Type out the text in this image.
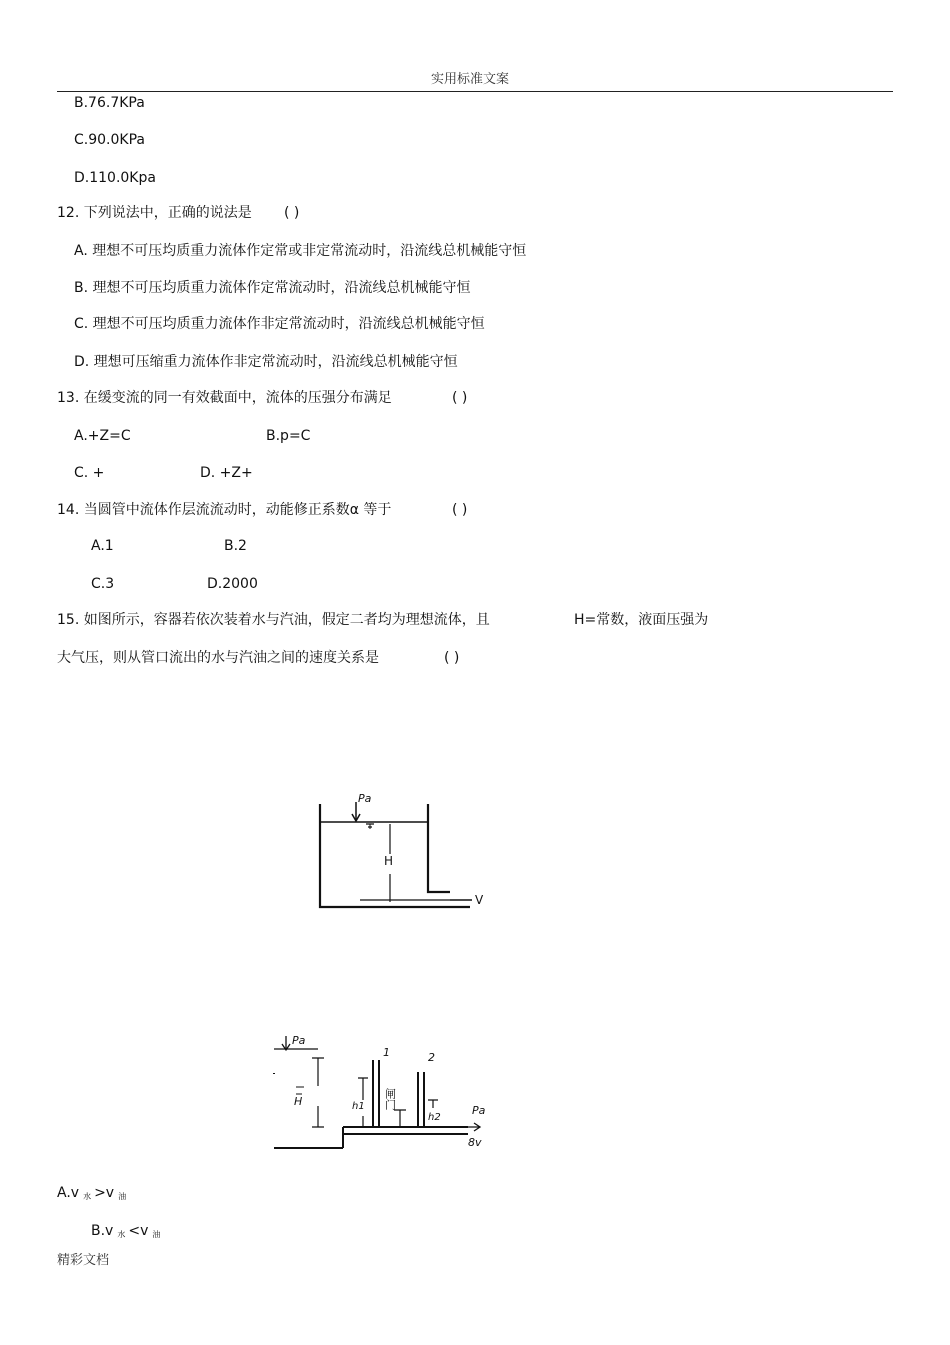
实用标准文案
B.76.7KPa
C.90.0KPa
D.110.0Kpa
12. 下列说法中，正确的说法是 ( )
A. 理想不可压均质重力流体作定常或非定常流动时，沿流线总机械能守恒
B. 理想不可压均质重力流体作定常流动时，沿流线总机械能守恒
C. 理想不可压均质重力流体作非定常流动时，沿流线总机械能守恒
D. 理想可压缩重力流体作非定常流动时，沿流线总机械能守恒
13. 在缓变流的同一有效截面中，流体的压强分布满足	( )
A.+Z=C	B.p=C
C. +	D. +Z+
14. 当圆管中流体作层流流动时，动能修正系数α 等于	( )
A.1	B.2
C.3	D.2000
15. 如图所示，容器若依次装着水与汽油，假定二者均为理想流体，且	H=常数，液面压强为
大气压，则从管口流出的水与汽油之间的速度关系是	( )
Pa
H
V
Pa
H	h1
1	2
闸门
h2
Pa
8v
A.v $_水$ >v $_油$
B.v $_水$ <v $_油$
精彩文档
